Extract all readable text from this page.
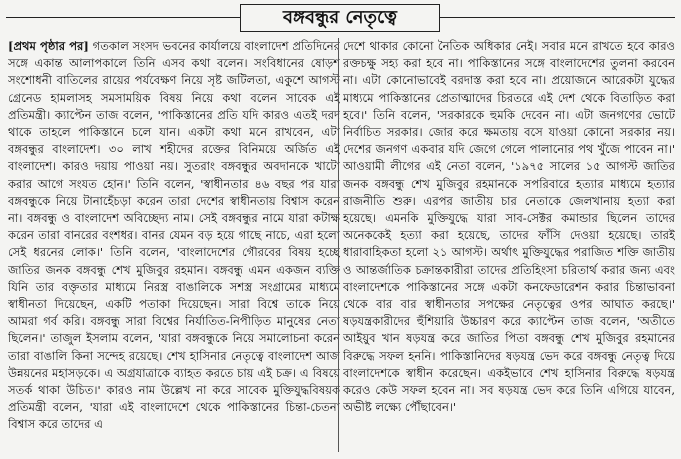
বঙ্গবন্ধুর নেতৃত্বে

[প্রথম পৃষ্ঠার পর] গতকাল সংসদ ভবনের কার্যালয়ে বাংলাদেশ প্রতিদিনের সঙ্গে একান্ত আলাপকালে তিনি এসব কথা বলেন। সংবিধানের ষোড়শ সংশোধনী বাতিলের রায়ের পর্যবেক্ষণ নিয়ে সৃষ্ট জটিলতা, একুশে আগস্ট গ্রেনেড হামলাসহ সমসাময়িক বিষয় নিয়ে কথা বলেন সাবেক এই প্রতিমন্ত্রী। ক্যাপ্টেন তাজ বলেন, 'পাকিস্তানের প্রতি যদি কারও এতই দরদ থাকে তাহলে পাকিস্তানে চলে যান। একটা কথা মনে রাখবেন, এটা বঙ্গবন্ধুর বাংলাদেশ। ৩০ লাখ শহীদের রক্তের বিনিময়ে অর্জিত এই বাংলাদেশ। কারও দয়ায় পাওয়া নয়। সুতরাং বঙ্গবন্ধুর অবদানকে খাটো করার আগে সংযত হোন।' তিনি বলেন, 'স্বাধীনতার ৪৬ বছর পর যারা বঙ্গবন্ধুকে নিয়ে টানাহেঁচড়া করেন তারা দেশের স্বাধীনতায় বিশ্বাস করেন না। বঙ্গবন্ধু ও বাংলাদেশ অবিচ্ছেদ্য নাম। সেই বঙ্গবন্ধুর নামে যারা কটাক্ষ করেন তারা বানরের বংশধর। বানর যেমন বড় হয়ে গাছে নাচে, এরা হলো সেই ধরনের লোক।' তিনি বলেন, 'বাংলাদেশের গৌরবের বিষয় হচ্ছে জাতির জনক বঙ্গবন্ধু শেখ মুজিবুর রহমান। বঙ্গবন্ধু এমন একজন ব্যক্তি যিনি তার বক্তৃতার মাধ্যমে নিরস্ত্র বাঙালিকে সশস্ত্র সংগ্রামের মাধ্যমে স্বাধীনতা দিয়েছেন, একটি পতাকা দিয়েছেন। সারা বিশ্বে তাকে নিয়ে আমরা গর্ব করি। বঙ্গবন্ধু সারা বিশ্বের নির্যাতিত-নিপীড়িত মানুষের নেতা ছিলেন।' তাজুল ইসলাম বলেন, 'যারা বঙ্গবন্ধুকে নিয়ে সমালোচনা করেন তারা বাঙালি কিনা সন্দেহ রয়েছে। শেখ হাসিনার নেতৃত্বে বাংলাদেশ আজ উন্নয়নের মহাসড়কে। এ অগ্রযাত্রাকে ব্যাহত করতে চায় এই চক্র। এ বিষয়ে সতর্ক থাকা উচিত।' কারও নাম উল্লেখ না করে সাবেক মুক্তিযুদ্ধবিষয়ক প্রতিমন্ত্রী বলেন, 'যারা এই বাংলাদেশে থেকে পাকিস্তানের চিন্তা-চেতনা বিশ্বাস করে তাদের এ

দেশে থাকার কোনো নৈতিক অধিকার নেই। সবার মনে রাখতে হবে কারও রক্তচক্ষু সহ্য করা হবে না। পাকিস্তানের সঙ্গে বাংলাদেশের তুলনা করবেন না। এটা কোনোভাবেই বরদাস্ত করা হবে না। প্রয়োজনে আরেকটা যুদ্ধের মাধ্যমে পাকিস্তানের প্রেতাত্মাদের চিরতরে এই দেশ থেকে বিতাড়িত করা হবে।' তিনি বলেন, 'সরকারকে হুমকি দেবেন না। এটা জনগণের ভোটে নির্বাচিত সরকার। জোর করে ক্ষমতায় বসে যাওয়া কোনো সরকার নয়। দেশের জনগণ একবার যদি জেগে গেলে পালানোর পথ খুঁজে পাবেন না।' আওয়ামী লীগের এই নেতা বলেন, '১৯৭৫ সালের ১৫ আগস্ট জাতির জনক বঙ্গবন্ধু শেখ মুজিবুর রহমানকে সপরিবারে হত্যার মাধ্যমে হত্যার রাজনীতি শুরু। এরপর জাতীয় চার নেতাকে জেলখানায় হত্যা করা হয়েছে। এমনকি মুক্তিযুদ্ধে যারা সাব-সেক্টর কমান্ডার ছিলেন তাদের অনেককেই হত্যা করা হয়েছে, তাদের ফাঁসি দেওয়া হয়েছে। তারই ধারাবাহিকতা হলো ২১ আগস্ট। অর্থাৎ মুক্তিযুদ্ধের পরাজিত শক্তি জাতীয় ও আন্তর্জাতিক চক্রান্তকারীরা তাদের প্রতিহিংসা চরিতার্থ করার জন্য এবং বাংলাদেশকে পাকিস্তানের সঙ্গে একটা কনফেডারেশন করার চিন্তাভাবনা থেকে বার বার স্বাধীনতার সপক্ষের নেতৃত্বের ওপর আঘাত করছে।' ষড়যন্ত্রকারীদের হুঁশিয়ারি উচ্চারণ করে ক্যাপ্টেন তাজ বলেন, 'অতীতে আইয়ুব খান ষড়যন্ত্র করে জাতির পিতা বঙ্গবন্ধু শেখ মুজিবুর রহমানের বিরুদ্ধে সফল হননি। পাকিস্তানিদের ষড়যন্ত্র ভেদ করে বঙ্গবন্ধু নেতৃত্ব দিয়ে বাংলাদেশকে স্বাধীন করেছেন। একইভাবে শেখ হাসিনার বিরুদ্ধে ষড়যন্ত্র করেও কেউ সফল হবেন না। সব ষড়যন্ত্র ভেদ করে তিনি এগিয়ে যাবেন, অভীষ্ট লক্ষ্যে পৌঁছাবেন।'
